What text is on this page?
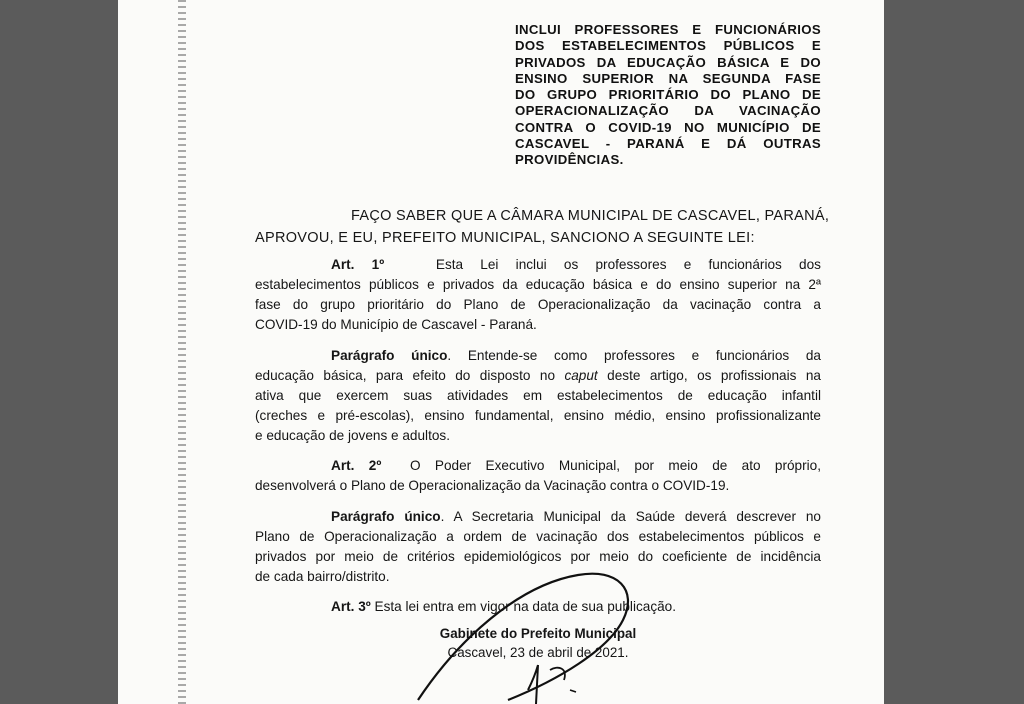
INCLUI PROFESSORES E FUNCIONÁRIOS
DOS ESTABELECIMENTOS PÚBLICOS E
PRIVADOS DA EDUCAÇÃO BÁSICA E DO
ENSINO SUPERIOR NA SEGUNDA FASE
DO GRUPO PRIORITÁRIO DO PLANO DE
OPERACIONALIZAÇÃO DA VACINAÇÃO
CONTRA O COVID-19 NO MUNICÍPIO DE
CASCAVEL - PARANÁ E DÁ OUTRAS
PROVIDÊNCIAS.
FAÇO SABER QUE A CÂMARA MUNICIPAL DE CASCAVEL, PARANÁ,
APROVOU, E EU, PREFEITO MUNICIPAL, SANCIONO A SEGUINTE LEI:
Art. 1º	Esta Lei inclui os professores e funcionários dos
estabelecimentos públicos e privados da educação básica e do ensino superior na 2ª
fase do grupo prioritário do Plano de Operacionalização da vacinação contra a
COVID-19 do Município de Cascavel - Paraná.
Parágrafo único. Entende-se como professores e funcionários da
educação básica, para efeito do disposto no caput deste artigo, os profissionais na
ativa que exercem suas atividades em estabelecimentos de educação infantil
(creches e pré-escolas), ensino fundamental, ensino médio, ensino profissionalizante
e educação de jovens e adultos.
Art. 2º O Poder Executivo Municipal, por meio de ato próprio,
desenvolverá o Plano de Operacionalização da Vacinação contra o COVID-19.
Parágrafo único. A Secretaria Municipal da Saúde deverá descrever no
Plano de Operacionalização a ordem de vacinação dos estabelecimentos públicos e
privados por meio de critérios epidemiológicos por meio do coeficiente de incidência
de cada bairro/distrito.
Art. 3º Esta lei entra em vigor na data de sua publicação.
Gabinete do Prefeito Municipal
Cascavel, 23 de abril de 2021.
